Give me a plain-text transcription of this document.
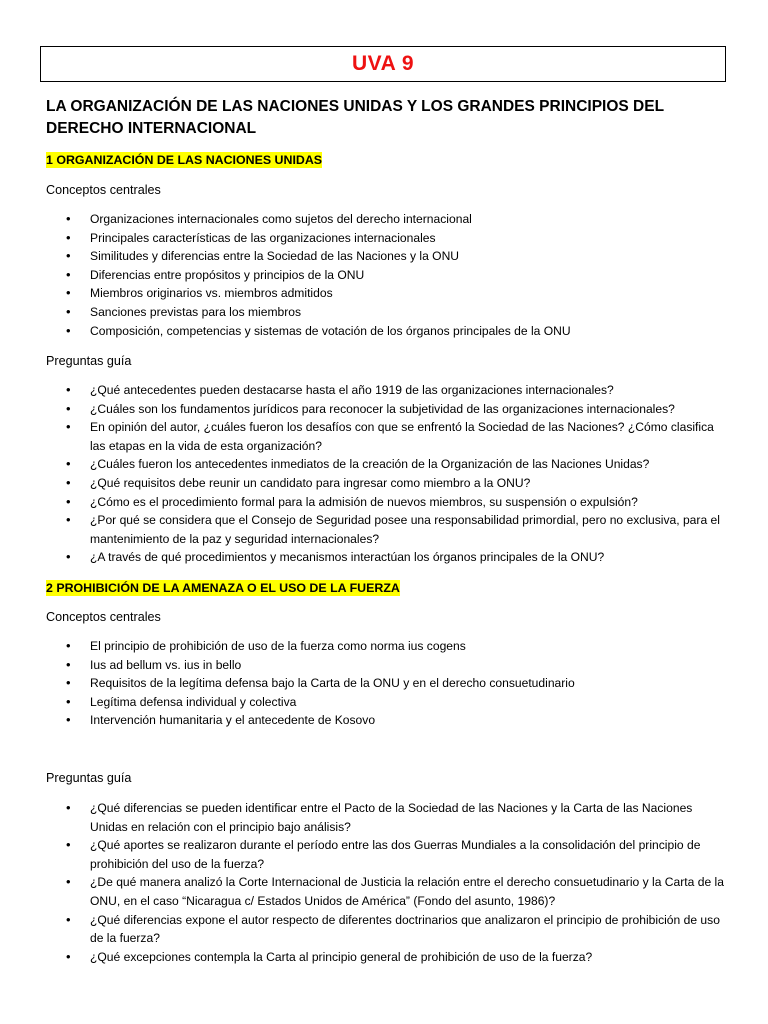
UVA 9
LA ORGANIZACIÓN DE LAS NACIONES UNIDAS Y LOS GRANDES PRINCIPIOS DEL DERECHO INTERNACIONAL
1 ORGANIZACIÓN DE LAS NACIONES UNIDAS
Conceptos centrales
• Organizaciones internacionales como sujetos del derecho internacional
• Principales características de las organizaciones internacionales
• Similitudes y diferencias entre la Sociedad de las Naciones y la ONU
• Diferencias entre propósitos y principios de la ONU
• Miembros originarios vs. miembros admitidos
• Sanciones previstas para los miembros
• Composición, competencias y sistemas de votación de los órganos principales de la ONU
Preguntas guía
• ¿Qué antecedentes pueden destacarse hasta el año 1919 de las organizaciones internacionales?
• ¿Cuáles son los fundamentos jurídicos para reconocer la subjetividad de las organizaciones internacionales?
• En opinión del autor, ¿cuáles fueron los desafíos con que se enfrentó la Sociedad de las Naciones? ¿Cómo clasifica las etapas en la vida de esta organización?
• ¿Cuáles fueron los antecedentes inmediatos de la creación de la Organización de las Naciones Unidas?
• ¿Qué requisitos debe reunir un candidato para ingresar como miembro a la ONU?
• ¿Cómo es el procedimiento formal para la admisión de nuevos miembros, su suspensión o expulsión?
• ¿Por qué se considera que el Consejo de Seguridad posee una responsabilidad primordial, pero no exclusiva, para el mantenimiento de la paz y seguridad internacionales?
• ¿A través de qué procedimientos y mecanismos interactúan los órganos principales de la ONU?
2 PROHIBICIÓN DE LA AMENAZA O EL USO DE LA FUERZA
Conceptos centrales
• El principio de prohibición de uso de la fuerza como norma ius cogens
• Ius ad bellum vs. ius in bello
• Requisitos de la legítima defensa bajo la Carta de la ONU y en el derecho consuetudinario
• Legítima defensa individual y colectiva
• Intervención humanitaria y el antecedente de Kosovo
Preguntas guía
• ¿Qué diferencias se pueden identificar entre el Pacto de la Sociedad de las Naciones y la Carta de las Naciones Unidas en relación con el principio bajo análisis?
• ¿Qué aportes se realizaron durante el período entre las dos Guerras Mundiales a la consolidación del principio de prohibición del uso de la fuerza?
• ¿De qué manera analizó la Corte Internacional de Justicia la relación entre el derecho consuetudinario y la Carta de la ONU, en el caso “Nicaragua c/ Estados Unidos de América” (Fondo del asunto, 1986)?
• ¿Qué diferencias expone el autor respecto de diferentes doctrinarios que analizaron el principio de prohibición de uso de la fuerza?
• ¿Qué excepciones contempla la Carta al principio general de prohibición de uso de la fuerza?
